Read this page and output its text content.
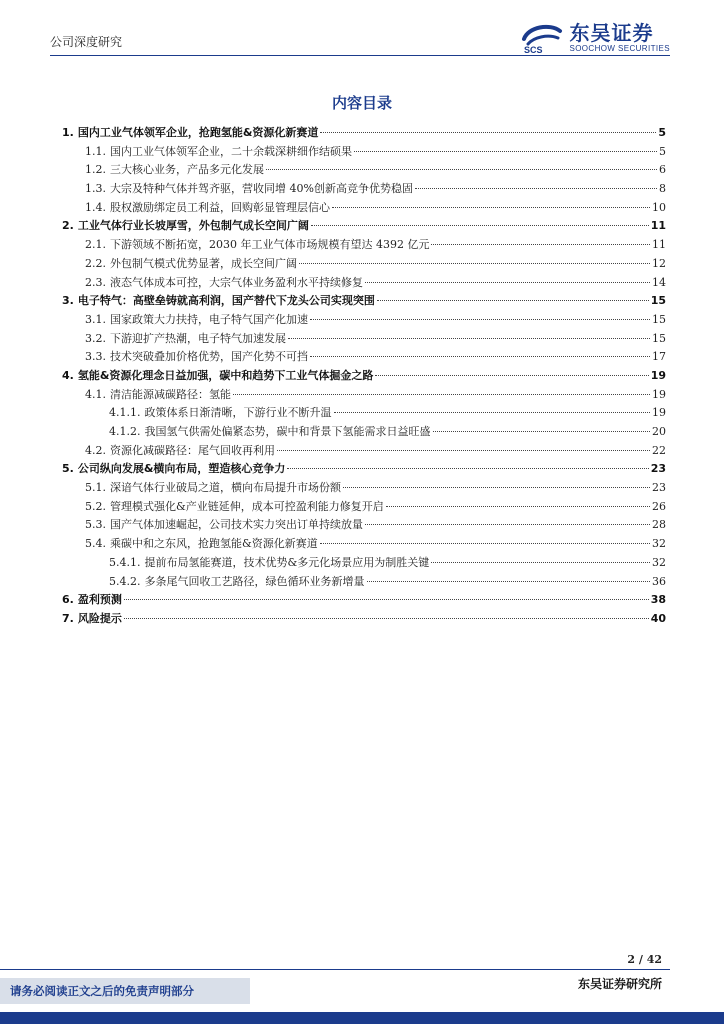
公司深度研究
SCS
东吴证券
SOOCHOW SECURITIES
内容目录
1. 国内工业气体领军企业，抢跑氢能&资源化新赛道	5
1.1. 国内工业气体领军企业，二十余载深耕细作结硕果	5
1.2. 三大核心业务，产品多元化发展	6
1.3. 大宗及特种气体并驾齐驱，营收同增 40%创新高竞争优势稳固	8
1.4. 股权激励绑定员工利益，回购彰显管理层信心	10
2. 工业气体行业长坡厚雪，外包制气成长空间广阔	11
2.1. 下游领域不断拓宽，2030 年工业气体市场规模有望达 4392 亿元	11
2.2. 外包制气模式优势显著，成长空间广阔	12
2.3. 液态气体成本可控，大宗气体业务盈利水平持续修复	14
3. 电子特气：高壁垒铸就高利润，国产替代下龙头公司实现突围	15
3.1. 国家政策大力扶持，电子特气国产化加速	15
3.2. 下游迎扩产热潮，电子特气加速发展	15
3.3. 技术突破叠加价格优势，国产化势不可挡	17
4. 氢能&资源化理念日益加强，碳中和趋势下工业气体掘金之路	19
4.1. 清洁能源减碳路径：氢能	19
4.1.1. 政策体系日渐清晰，下游行业不断升温	19
4.1.2. 我国氢气供需处偏紧态势，碳中和背景下氢能需求日益旺盛	20
4.2. 资源化减碳路径：尾气回收再利用	22
5. 公司纵向发展&横向布局，塑造核心竞争力	23
5.1. 深谙气体行业破局之道，横向布局提升市场份额	23
5.2. 管理模式强化&产业链延伸，成本可控盈利能力修复开启	26
5.3. 国产气体加速崛起，公司技术实力突出订单持续放量	28
5.4. 乘碳中和之东风，抢跑氢能&资源化新赛道	32
5.4.1. 提前布局氢能赛道，技术优势&多元化场景应用为制胜关键	32
5.4.2. 多条尾气回收工艺路径，绿色循环业务新增量	36
6. 盈利预测	38
7. 风险提示	40
2 / 42
请务必阅读正文之后的免责声明部分	东吴证券研究所
